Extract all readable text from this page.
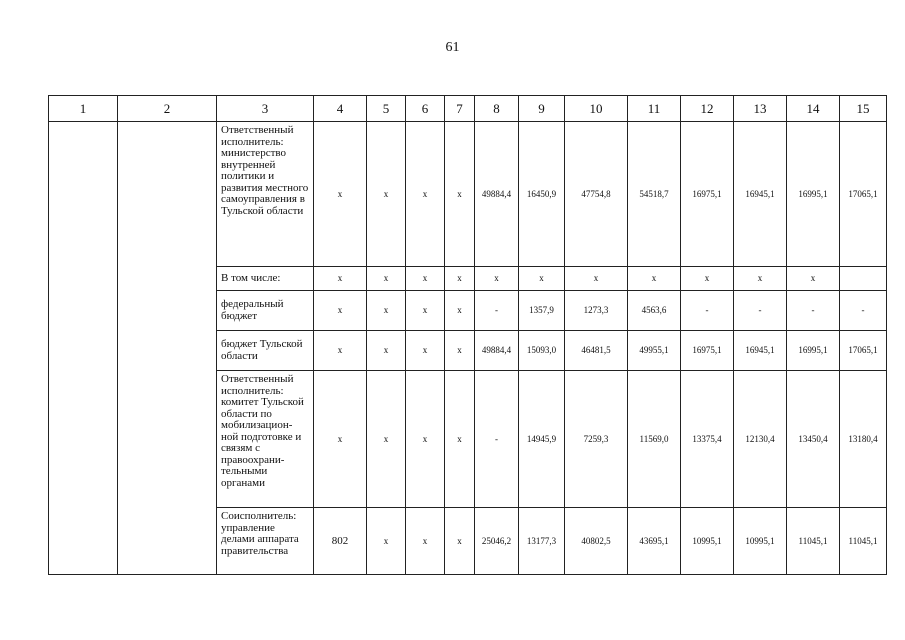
61
1	2	3	4	5	6	7	8	9	10	11	12	13	14	15
		Ответственный исполнитель: министерство внутренней политики и развития местного самоуправления в Тульской области	х	х	х	х	49884,4	16450,9	47754,8	54518,7	16975,1	16945,1	16995,1	17065,1
		В том числе:	х	х	х	х	х	х	х	х	х	х	х	
		федеральный бюджет	х	х	х	х	-	1357,9	1273,3	4563,6	-	-	-	-
		бюджет Тульской области	х	х	х	х	49884,4	15093,0	46481,5	49955,1	16975,1	16945,1	16995,1	17065,1
		Ответственный исполнитель: комитет Тульской области по мобилизацион-ной подготовке и связям с правоохрани-тельными органами	х	х	х	х	-	14945,9	7259,3	11569,0	13375,4	12130,4	13450,4	13180,4
		Соисполнитель: управление делами аппарата правительства	802	х	х	х	25046,2	13177,3	40802,5	43695,1	10995,1	10995,1	11045,1	11045,1
